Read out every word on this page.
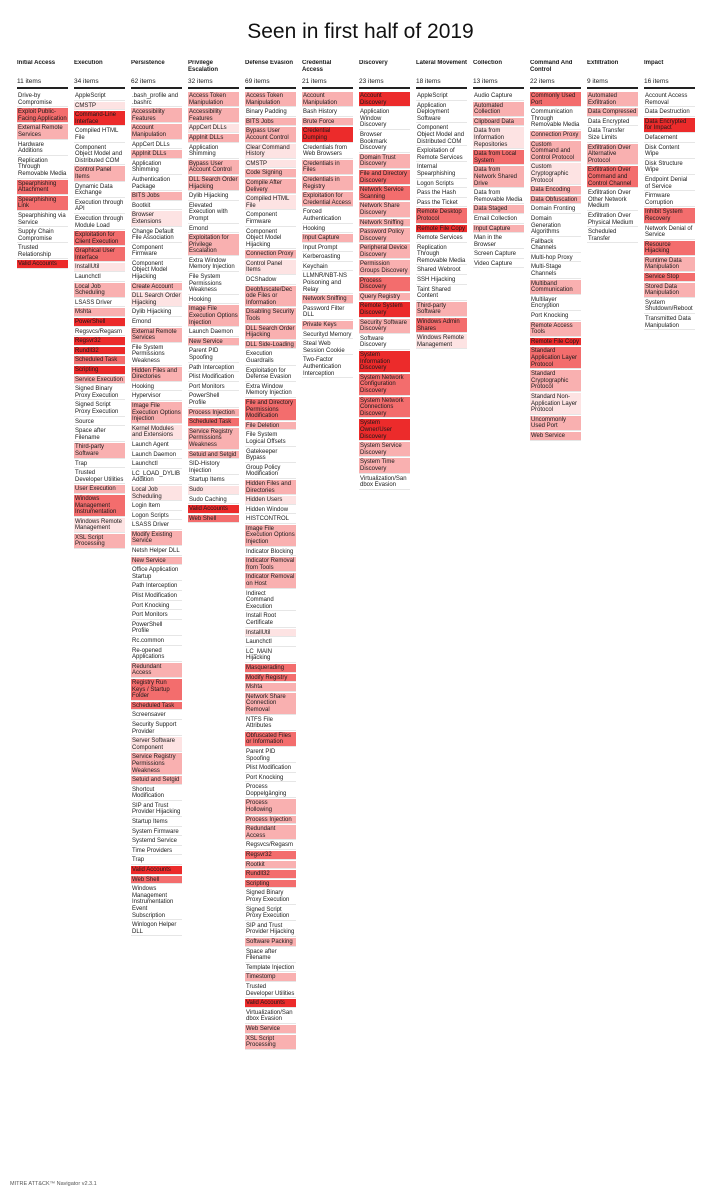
Seen in first half of 2019
Initial Access
11 items
Drive-by Compromise
Exploit Public-Facing Application
External Remote Services
Hardware Additions
Replication Through Removable Media
Spearphishing Attachment
Spearphishing Link
Spearphishing via Service
Supply Chain Compromise
Trusted Relationship
Valid Accounts
Execution
34 items
AppleScript
CMSTP
Command-Line Interface
Compiled HTML File
Component Object Model and Distributed COM
Control Panel Items
Dynamic Data Exchange
Execution through API
Execution through Module Load
Exploitation for Client Execution
Graphical User Interface
InstallUtil
Launchctl
Local Job Scheduling
LSASS Driver
Mshta
PowerShell
Regsvcs/Regasm
Regsvr32
Rundll32
Scheduled Task
Scripting
Service Execution
Signed Binary Proxy Execution
Signed Script Proxy Execution
Source
Space after Filename
Third-party Software
Trap
Trusted Developer Utilities
User Execution
Windows Management Instrumentation
Windows Remote Management
XSL Script Processing
Persistence
62 items
.bash_profile and .bashrc
Accessibility Features
Account Manipulation
AppCert DLLs
AppInit DLLs
Application Shimming
Authentication Package
BITS Jobs
Bootkit
Browser Extensions
Change Default File Association
Component Firmware
Component Object Model Hijacking
Create Account
DLL Search Order Hijacking
Dylib Hijacking
Emond
External Remote Services
File System Permissions Weakness
Hidden Files and Directories
Hooking
Hypervisor
Image File Execution Options Injection
Kernel Modules and Extensions
Launch Agent
Launch Daemon
Launchctl
LC_LOAD_DYLIB Addition
Local Job Scheduling
Login Item
Logon Scripts
LSASS Driver
Modify Existing Service
Netsh Helper DLL
New Service
Office Application Startup
Path Interception
Plist Modification
Port Knocking
Port Monitors
PowerShell Profile
Rc.common
Re-opened Applications
Redundant Access
Registry Run Keys / Startup Folder
Scheduled Task
Screensaver
Security Support Provider
Server Software Component
Service Registry Permissions Weakness
Setuid and Setgid
Shortcut Modification
SIP and Trust Provider Hijacking
Startup Items
System Firmware
Systemd Service
Time Providers
Trap
Valid Accounts
Web Shell
Windows Management Instrumentation Event Subscription
Winlogon Helper DLL
Privilege Escalation
32 items
Access Token Manipulation
Accessibility Features
AppCert DLLs
AppInit DLLs
Application Shimming
Bypass User Account Control
DLL Search Order Hijacking
Dylib Hijacking
Elevated Execution with Prompt
Emond
Exploitation for Privilege Escalation
Extra Window Memory Injection
File System Permissions Weakness
Hooking
Image File Execution Options Injection
Launch Daemon
New Service
Parent PID Spoofing
Path Interception
Plist Modification
Port Monitors
PowerShell Profile
Process Injection
Scheduled Task
Service Registry Permissions Weakness
Setuid and Setgid
SID-History Injection
Startup Items
Sudo
Sudo Caching
Valid Accounts
Web Shell
Defense Evasion
69 items
Access Token Manipulation
Binary Padding
BITS Jobs
Bypass User Account Control
Clear Command History
CMSTP
Code Signing
Compile After Delivery
Compiled HTML File
Component Firmware
Component Object Model Hijacking
Connection Proxy
Control Panel Items
DCShadow
Deobfuscate/Decode Files or Information
Disabling Security Tools
DLL Search Order Hijacking
DLL Side-Loading
Execution Guardrails
Exploitation for Defense Evasion
Extra Window Memory Injection
File and Directory Permissions Modification
File Deletion
File System Logical Offsets
Gatekeeper Bypass
Group Policy Modification
Hidden Files and Directories
Hidden Users
Hidden Window
HISTCONTROL
Image File Execution Options Injection
Indicator Blocking
Indicator Removal from Tools
Indicator Removal on Host
Indirect Command Execution
Install Root Certificate
InstallUtil
Launchctl
LC_MAIN Hijacking
Masquerading
Modify Registry
Mshta
Network Share Connection Removal
NTFS File Attributes
Obfuscated Files or Information
Parent PID Spoofing
Plist Modification
Port Knocking
Process Doppelgänging
Process Hollowing
Process Injection
Redundant Access
Regsvcs/Regasm
Regsvr32
Rootkit
Rundll32
Scripting
Signed Binary Proxy Execution
Signed Script Proxy Execution
SIP and Trust Provider Hijacking
Software Packing
Space after Filename
Template Injection
Timestomp
Trusted Developer Utilities
Valid Accounts
Virtualization/Sandbox Evasion
Web Service
XSL Script Processing
Credential Access
21 items
Account Manipulation
Bash History
Brute Force
Credential Dumping
Credentials from Web Browsers
Credentials in Files
Credentials in Registry
Exploitation for Credential Access
Forced Authentication
Hooking
Input Capture
Input Prompt
Kerberoasting
Keychain
LLMNR/NBT-NS Poisoning and Relay
Network Sniffing
Password Filter DLL
Private Keys
Securityd Memory
Steal Web Session Cookie
Two-Factor Authentication Interception
Discovery
23 items
Account Discovery
Application Window Discovery
Browser Bookmark Discovery
Domain Trust Discovery
File and Directory Discovery
Network Service Scanning
Network Share Discovery
Network Sniffing
Password Policy Discovery
Peripheral Device Discovery
Permission Groups Discovery
Process Discovery
Query Registry
Remote System Discovery
Security Software Discovery
Software Discovery
System Information Discovery
System Network Configuration Discovery
System Network Connections Discovery
System Owner/User Discovery
System Service Discovery
System Time Discovery
Virtualization/Sandbox Evasion
Lateral Movement
18 items
AppleScript
Application Deployment Software
Component Object Model and Distributed COM
Exploitation of Remote Services
Internal Spearphishing
Logon Scripts
Pass the Hash
Pass the Ticket
Remote Desktop Protocol
Remote File Copy
Remote Services
Replication Through Removable Media
Shared Webroot
SSH Hijacking
Taint Shared Content
Third-party Software
Windows Admin Shares
Windows Remote Management
Collection
13 items
Audio Capture
Automated Collection
Clipboard Data
Data from Information Repositories
Data from Local System
Data from Network Shared Drive
Data from Removable Media
Data Staged
Email Collection
Input Capture
Man in the Browser
Screen Capture
Video Capture
Command And Control
22 items
Commonly Used Port
Communication Through Removable Media
Connection Proxy
Custom Command and Control Protocol
Custom Cryptographic Protocol
Data Encoding
Data Obfuscation
Domain Fronting
Domain Generation Algorithms
Fallback Channels
Multi-hop Proxy
Multi-Stage Channels
Multiband Communication
Multilayer Encryption
Port Knocking
Remote Access Tools
Remote File Copy
Standard Application Layer Protocol
Standard Cryptographic Protocol
Standard Non-Application Layer Protocol
Uncommonly Used Port
Web Service
Exfiltration
9 items
Automated Exfiltration
Data Compressed
Data Encrypted
Data Transfer Size Limits
Exfiltration Over Alternative Protocol
Exfiltration Over Command and Control Channel
Exfiltration Over Other Network Medium
Exfiltration Over Physical Medium
Scheduled Transfer
Impact
16 items
Account Access Removal
Data Destruction
Data Encrypted for Impact
Defacement
Disk Content Wipe
Disk Structure Wipe
Endpoint Denial of Service
Firmware Corruption
Inhibit System Recovery
Network Denial of Service
Resource Hijacking
Runtime Data Manipulation
Service Stop
Stored Data Manipulation
System Shutdown/Reboot
Transmitted Data Manipulation
MITRE ATT&CK™ Navigator v2.3.1
